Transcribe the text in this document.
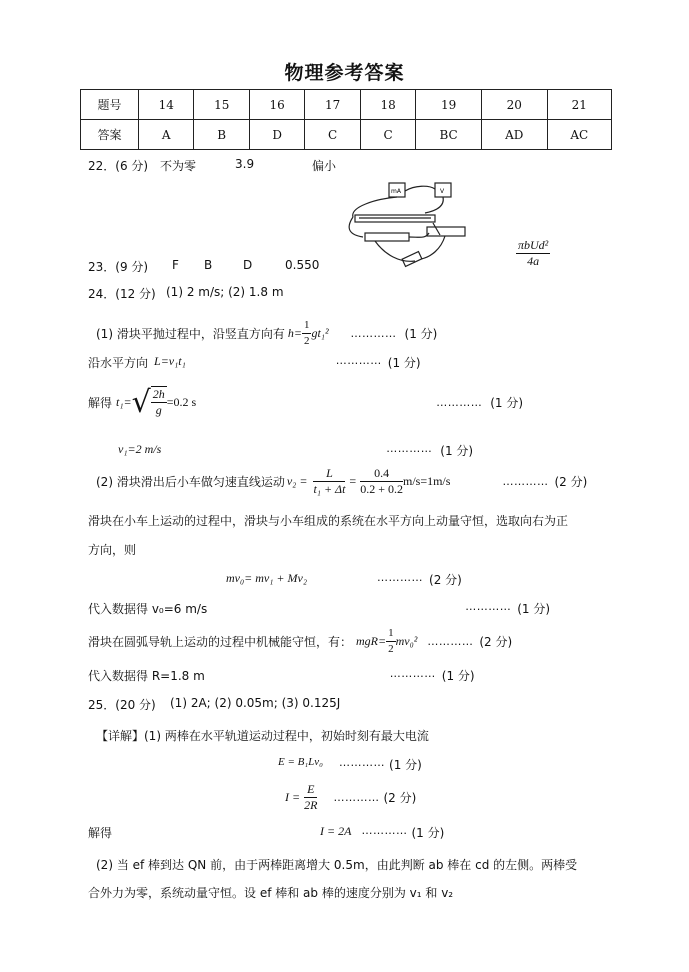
物理参考答案
题号	14	15	16	17	18	19	20	21
答案	A	B	D	C	C	BC	AD	AC
22．(6 分) 不为零	3.9	偏小
mA	V
$\frac{\text{πbUd²}}{4a}$
23．(9 分) F B	D	0.550
24．(12 分) (1) 2 m/s; (2) 1.8 m
(1) 滑块平抛过程中，沿竖直方向有 $h= \frac{1}{2} gt_1^2$ ………… (1 分)
沿水平方向 L=v₁t₁	………… (1 分)
解得 t₁= √ $\frac{2h}{g} =0.2$ s	………… (1 分)
v₁=2 m/s	………… (1 分)
(2) 滑块滑出后小车做匀速直线运动 $v_2 = \frac{L}{\text{t₁ + Δt}} = \frac{0.4}{0.2 + 0.2} m/s=1m/s$	………… (2 分)
滑块在小车上运动的过程中，滑块与小车组成的系统在水平方向上动量守恒，选取向右为正
方向，则
mv₀= mv₁ + Mv₂	………… (2 分)
代入数据得 v₀=6 m/s	………… (1 分)
滑块在圆弧导轨上运动的过程中机械能守恒，有： $mgR= \frac{1}{2} mv_0^2$ ………… (2 分)
代入数据得 R=1.8 m	………… (1 分)
25．(20 分) (1) 2A; (2) 0.05m; (3) 0.125J
【详解】(1) 两棒在水平轨道运动过程中，初始时刻有最大电流
E = B₁Lv₀ ………… (1 分)
$I = \frac{E}{2R}$ ………… (2 分)
解得	I = 2A ………… (1 分)
(2) 当 ef 棒到达 QN 前，由于两棒距离增大 0.5m，由此判断 ab 棒在 cd 的左侧。两棒受
合外力为零，系统动量守恒。设 ef 棒和 ab 棒的速度分别为 v₁ 和 v₂
